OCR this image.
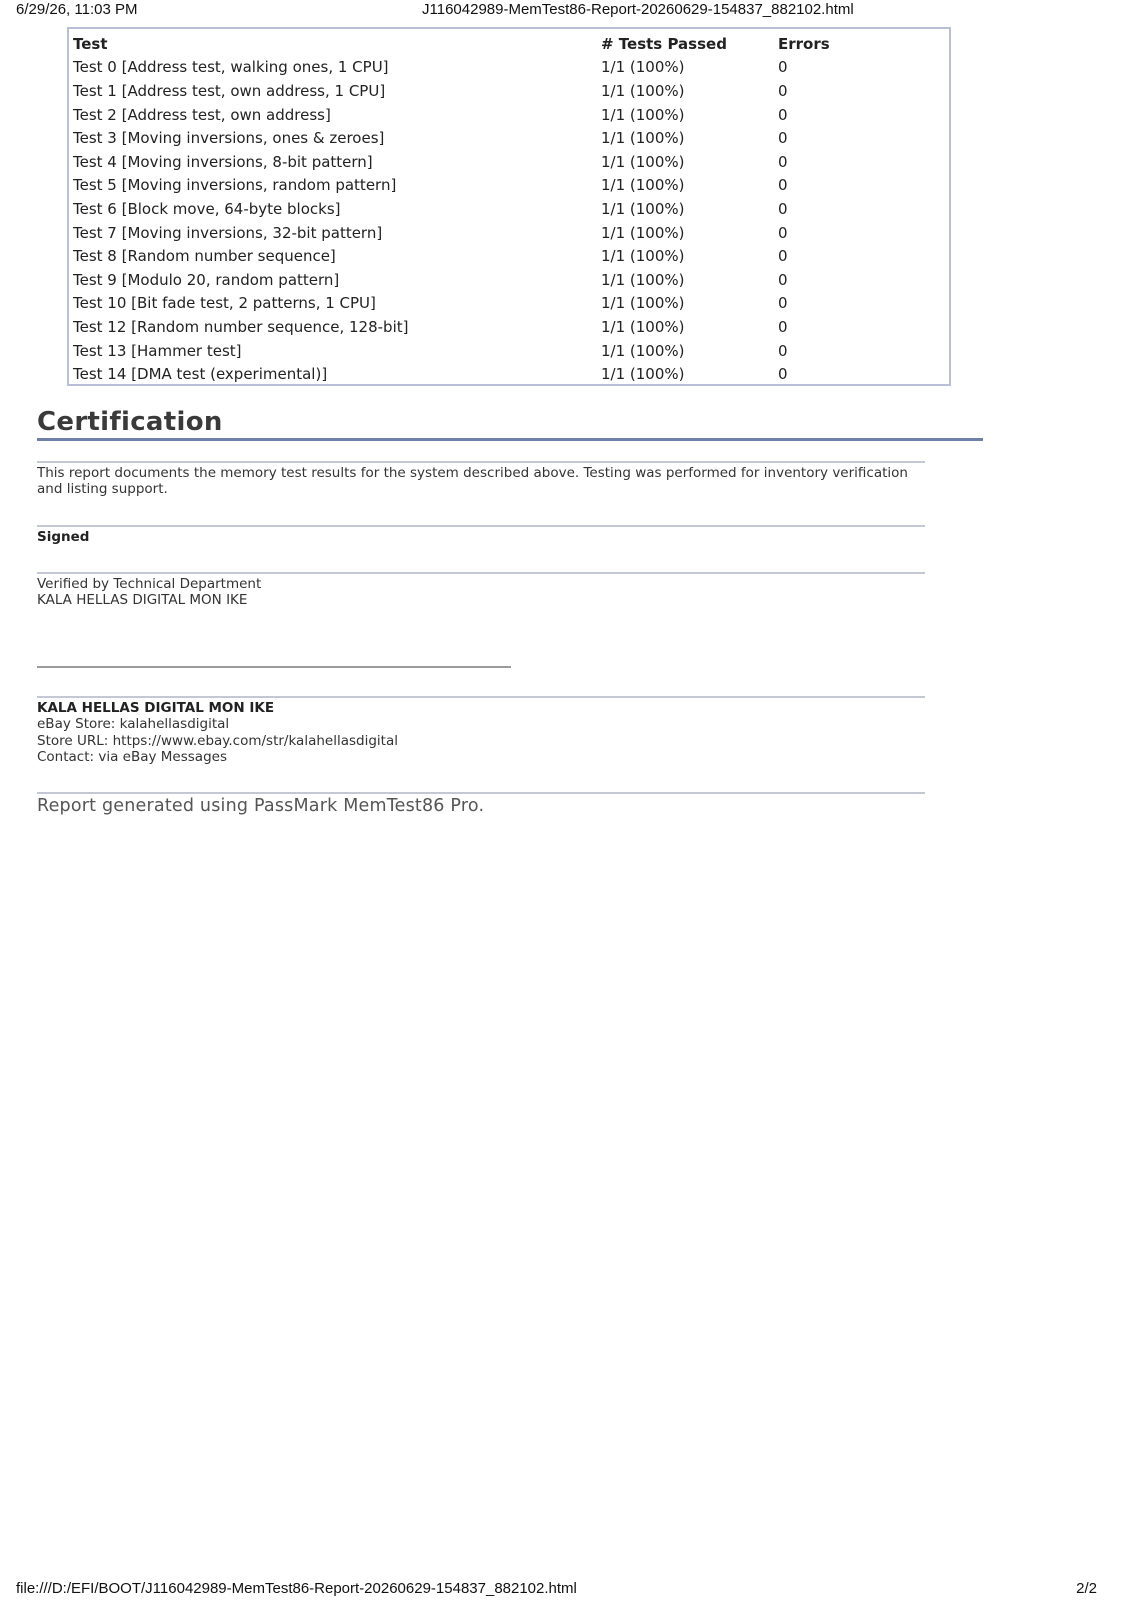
6/29/26, 11:03 PM	J116042989-MemTest86-Report-20260629-154837_882102.html
Test	# Tests Passed	Errors
Test 0 [Address test, walking ones, 1 CPU]	1/1 (100%)	0
Test 1 [Address test, own address, 1 CPU]	1/1 (100%)	0
Test 2 [Address test, own address]	1/1 (100%)	0
Test 3 [Moving inversions, ones & zeroes]	1/1 (100%)	0
Test 4 [Moving inversions, 8-bit pattern]	1/1 (100%)	0
Test 5 [Moving inversions, random pattern]	1/1 (100%)	0
Test 6 [Block move, 64-byte blocks]	1/1 (100%)	0
Test 7 [Moving inversions, 32-bit pattern]	1/1 (100%)	0
Test 8 [Random number sequence]	1/1 (100%)	0
Test 9 [Modulo 20, random pattern]	1/1 (100%)	0
Test 10 [Bit fade test, 2 patterns, 1 CPU]	1/1 (100%)	0
Test 12 [Random number sequence, 128-bit]	1/1 (100%)	0
Test 13 [Hammer test]	1/1 (100%)	0
Test 14 [DMA test (experimental)]	1/1 (100%)	0
Certification
This report documents the memory test results for the system described above. Testing was performed for inventory verification and listing support.
Signed
Verified by Technical Department
KALA HELLAS DIGITAL MON IKE
KALA HELLAS DIGITAL MON IKE
eBay Store: kalahellasdigital
Store URL: https://www.ebay.com/str/kalahellasdigital
Contact: via eBay Messages
Report generated using PassMark MemTest86 Pro.
file:///D:/EFI/BOOT/J116042989-MemTest86-Report-20260629-154837_882102.html	2/2
